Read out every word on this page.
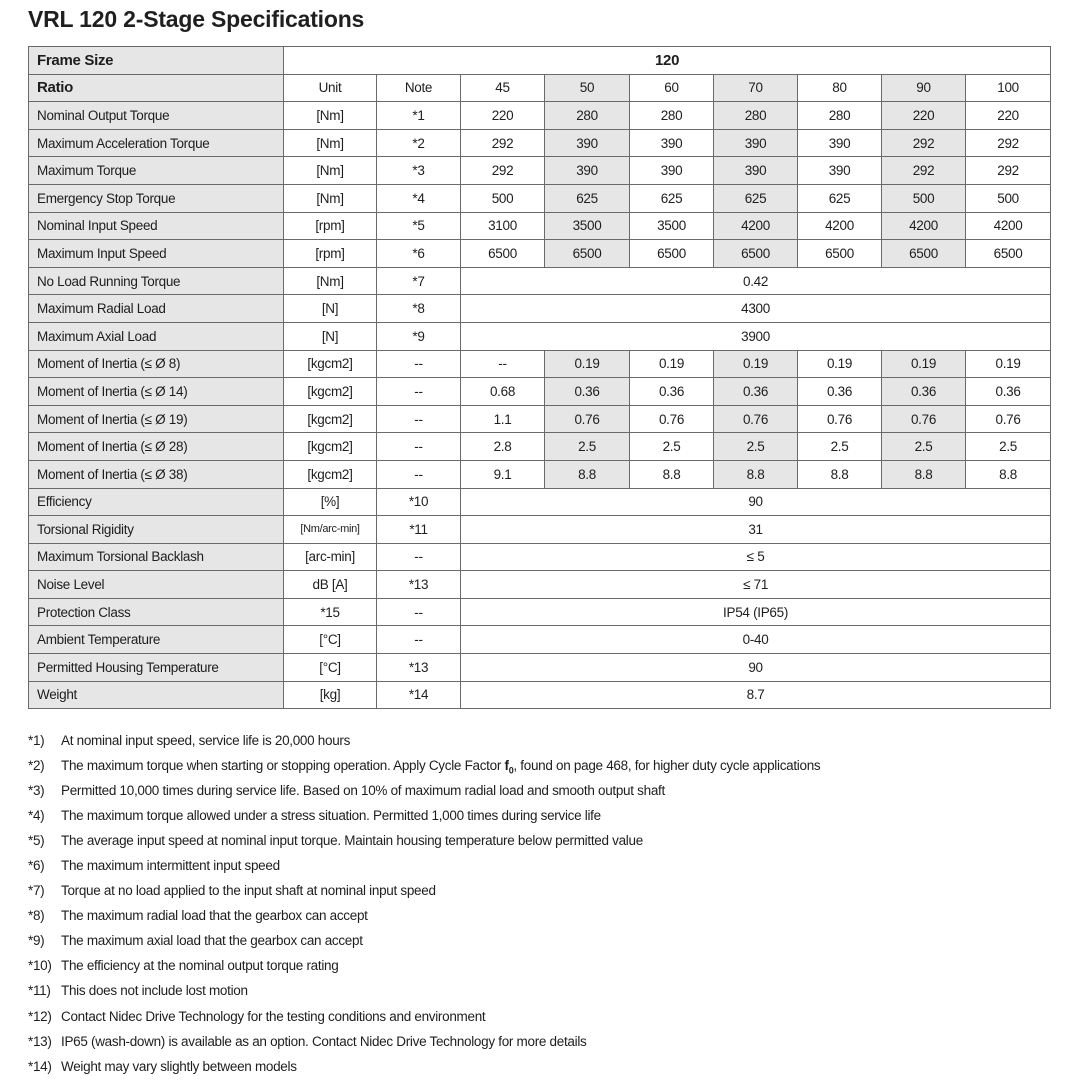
VRL 120 2-Stage Specifications
Frame Size	120								
Ratio	Unit	Note	45	50	60	70	80	90	100
Nominal Output Torque	[Nm]	*1	220	280	280	280	280	220	220
Maximum Acceleration Torque	[Nm]	*2	292	390	390	390	390	292	292
Maximum Torque	[Nm]	*3	292	390	390	390	390	292	292
Emergency Stop Torque	[Nm]	*4	500	625	625	625	625	500	500
Nominal Input Speed	[rpm]	*5	3100	3500	3500	4200	4200	4200	4200
Maximum Input Speed	[rpm]	*6	6500	6500	6500	6500	6500	6500	6500
No Load Running Torque	[Nm]	*7	0.42						
Maximum Radial Load	[N]	*8	4300						
Maximum Axial Load	[N]	*9	3900						
Moment of Inertia (≤ Ø 8)	[kgcm2]	--	--	0.19	0.19	0.19	0.19	0.19	0.19
Moment of Inertia (≤ Ø 14)	[kgcm2]	--	0.68	0.36	0.36	0.36	0.36	0.36	0.36
Moment of Inertia (≤ Ø 19)	[kgcm2]	--	1.1	0.76	0.76	0.76	0.76	0.76	0.76
Moment of Inertia (≤ Ø 28)	[kgcm2]	--	2.8	2.5	2.5	2.5	2.5	2.5	2.5
Moment of Inertia (≤ Ø 38)	[kgcm2]	--	9.1	8.8	8.8	8.8	8.8	8.8	8.8
Efficiency	[%]	*10	90						
Torsional Rigidity	[Nm/arc-min]	*11	31						
Maximum Torsional Backlash	[arc-min]	--	≤ 5						
Noise Level	dB [A]	*13	≤ 71						
Protection Class	*15	--	IP54 (IP65)						
Ambient Temperature	[°C]	--	0-40						
Permitted Housing Temperature	[°C]	*13	90						
Weight	[kg]	*14	8.7						
*1) At nominal input speed, service life is 20,000 hours
*2) The maximum torque when starting or stopping operation. Apply Cycle Factor $f_0$, found on page 468, for higher duty cycle applications
*3) Permitted 10,000 times during service life. Based on 10% of maximum radial load and smooth output shaft
*4) The maximum torque allowed under a stress situation. Permitted 1,000 times during service life
*5) The average input speed at nominal input torque. Maintain housing temperature below permitted value
*6) The maximum intermittent input speed
*7) Torque at no load applied to the input shaft at nominal input speed
*8) The maximum radial load that the gearbox can accept
*9) The maximum axial load that the gearbox can accept
*10) The efficiency at the nominal output torque rating
*11) This does not include lost motion
*12) Contact Nidec Drive Technology for the testing conditions and environment
*13) IP65 (wash-down) is available as an option. Contact Nidec Drive Technology for more details
*14) Weight may vary slightly between models
